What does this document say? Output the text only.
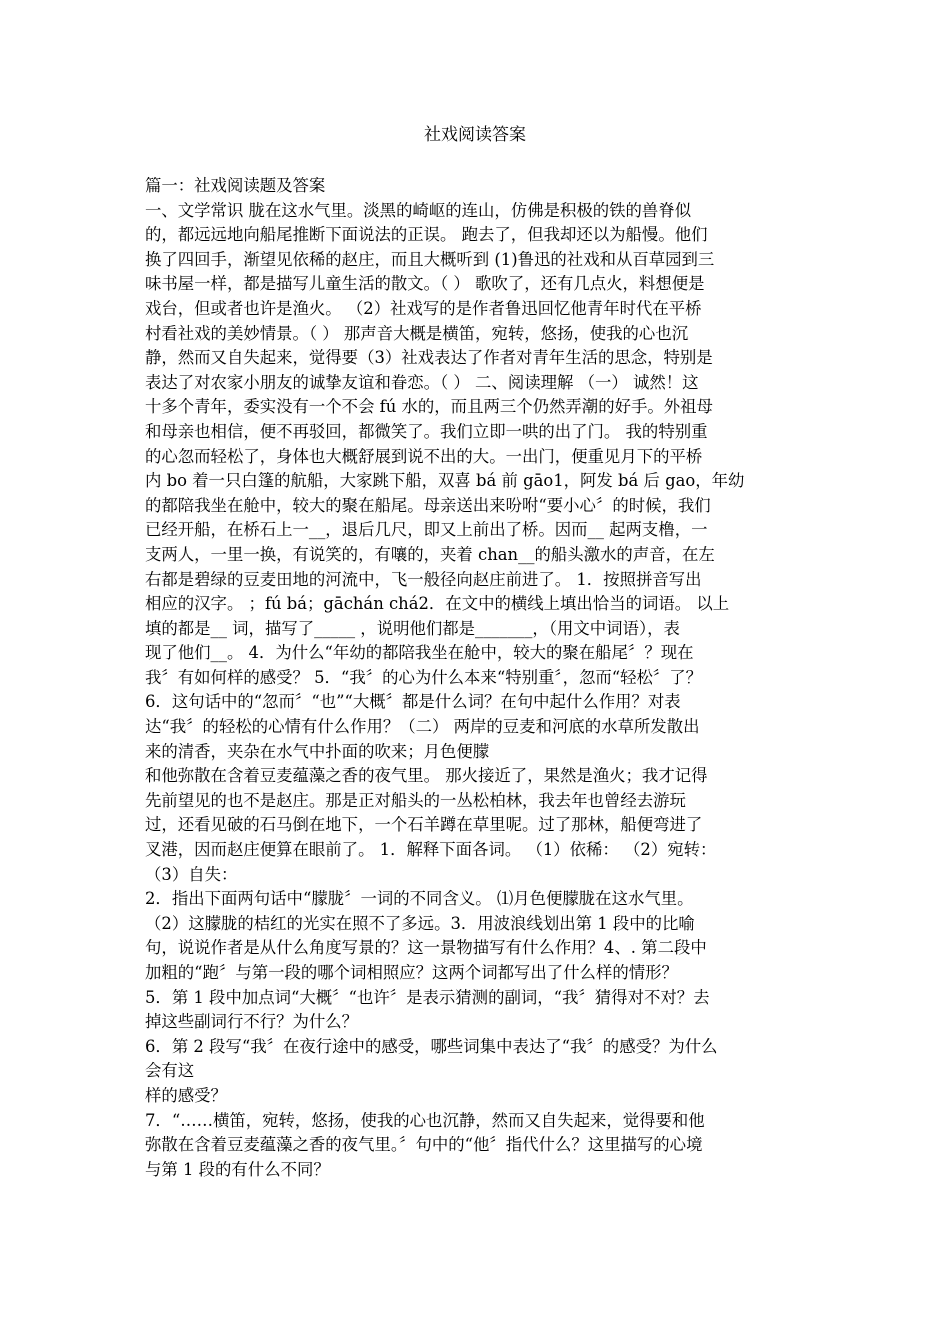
社戏阅读答案
篇一：社戏阅读题及答案
一、文学常识 胧在这水气里。淡黑的崎岖的连山，仿佛是积极的铁的兽脊似
的，都远远地向船尾推断下面说法的正误。 跑去了，但我却还以为船慢。他们
换了四回手，渐望见依稀的赵庄，而且大概听到 (1)鲁迅的社戏和从百草园到三
味书屋一样，都是描写儿童生活的散文。（ ） 歌吹了，还有几点火，料想便是
戏台，但或者也许是渔火。 （2）社戏写的是作者鲁迅回忆他青年时代在平桥
村看社戏的美妙情景。（ ） 那声音大概是横笛，宛转，悠扬，使我的心也沉
静，然而又自失起来，觉得要（3）社戏表达了作者对青年生活的思念，特别是
表达了对农家小朋友的诚挚友谊和眷恋。（ ） 二、阅读理解 （一） 诚然！这
十多个青年，委实没有一个不会 fú 水的，而且两三个仍然弄潮的好手。外祖母
和母亲也相信，便不再驳回，都微笑了。我们立即一哄的出了门。 我的特别重
的心忽而轻松了，身体也大概舒展到说不出的大。一出门，便重见月下的平桥
内 bo 着一只白篷的航船，大家跳下船，双喜 bá 前 gāo1，阿发 bá 后 gao，年幼
的都陪我坐在舱中，较大的聚在船尾。母亲送出来吩咐“要小心〞的时候，我们
已经开船，在桥石上一__，退后几尺，即又上前出了桥。因而__ 起两支橹，一
支两人，一里一换，有说笑的，有嚷的，夹着 chan__的船头激水的声音，在左
右都是碧绿的豆麦田地的河流中，飞一般径向赵庄前进了。 1．按照拼音写出
相应的汉字。 ；fú bá；gāchán chá2．在文中的横线上填出恰当的词语。 以上
填的都是__ 词，描写了_____ ，说明他们都是_______，（用文中词语），表
现了他们__。 4．为什么“年幼的都陪我坐在舱中，较大的聚在船尾〞？现在
我〞有如何样的感受？ 5．“我〞的心为什么本来“特别重〞，忽而“轻松〞了？
6．这句话中的“忽而〞“也”“大概〞都是什么词？在句中起什么作用？对表
达“我〞的轻松的心情有什么作用？（二） 两岸的豆麦和河底的水草所发散出
来的清香，夹杂在水气中扑面的吹来；月色便朦
和他弥散在含着豆麦蕴藻之香的夜气里。 那火接近了，果然是渔火；我才记得
先前望见的也不是赵庄。那是正对船头的一丛松柏林，我去年也曾经去游玩
过，还看见破的石马倒在地下，一个石羊蹲在草里呢。过了那林，船便弯进了
叉港，因而赵庄便算在眼前了。 1．解释下面各词。 （1）依稀： （2）宛转：
（3）自失：
2．指出下面两句话中“朦胧〞一词的不同含义。 ⑴月色便朦胧在这水气里。
（2）这朦胧的桔红的光实在照不了多远。3．用波浪线划出第 1 段中的比喻
句，说说作者是从什么角度写景的？这一景物描写有什么作用？4、. 第二段中
加粗的“跑〞与第一段的哪个词相照应？这两个词都写出了什么样的情形？
5．第 1 段中加点词“大概〞“也许〞是表示猜测的副词，“我〞猜得对不对？去
掉这些副词行不行？为什么？
6．第 2 段写“我〞在夜行途中的感受，哪些词集中表达了“我〞的感受？为什么
会有这
样的感受？
7．“……横笛，宛转，悠扬，使我的心也沉静，然而又自失起来，觉得要和他
弥散在含着豆麦蕴藻之香的夜气里。〞句中的“他〞指代什么？这里描写的心境
与第 1 段的有什么不同？
